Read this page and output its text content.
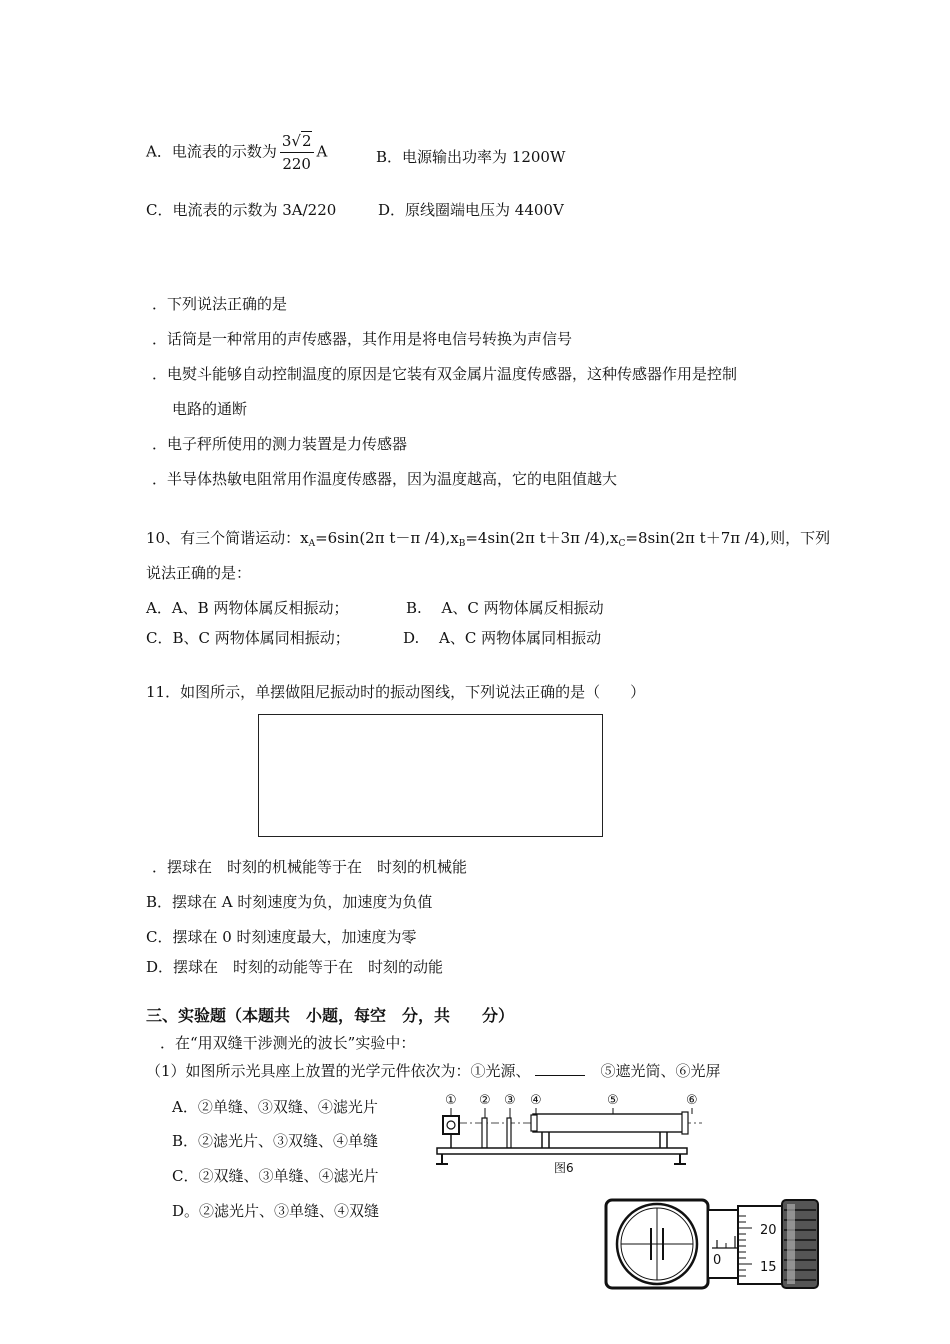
A．电流表的示数为 $\frac{3√2}{220}$ A	B．电源输出功率为 1200W
C．电流表的示数为 3A/220	D．原线圈端电压为 4400V
．下列说法正确的是
．话筒是一种常用的声传感器，其作用是将电信号转换为声信号
．电熨斗能够自动控制温度的原因是它装有双金属片温度传感器，这种传感器作用是控制
电路的通断
．电子秤所使用的测力装置是力传感器
．半导体热敏电阻常用作温度传感器，因为温度越高，它的电阻值越大
10、有三个简谐运动：$x_A=6\sin(2\pi$ t－π $/4),x_B=4\sin(2\pi$ t＋3π $/4),x_C=8\sin(2\pi$ t＋7π /4),则，下列
说法正确的是：
A．A、B 两物体属反相振动；	B.　 A、C 两物体属反相振动
C．B、C 两物体属同相振动；	D.　 A、C 两物体属同相振动
11．如图所示，单摆做阻尼振动时的振动图线，下列说法正确的是（　　）
．摆球在　时刻的机械能等于在　时刻的机械能
B．摆球在 A 时刻速度为负，加速度为负值
C．摆球在 0 时刻速度最大，加速度为零
D．摆球在　时刻的动能等于在　时刻的动能
三、实验题（本题共　小题，每空　分，共　　分）
．在“用双缝干涉测光的波长”实验中：
（1）如图所示光具座上放置的光学元件依次为：①光源、	⑤遮光筒、⑥光屏
A．②单缝、③双缝、④滤光片
B．②滤光片、③双缝、④单缝
C．②双缝、③单缝、④滤光片
D。②滤光片、③单缝、④双缝
① ② ③ ④	⑤	⑥
图6
0
20
15
